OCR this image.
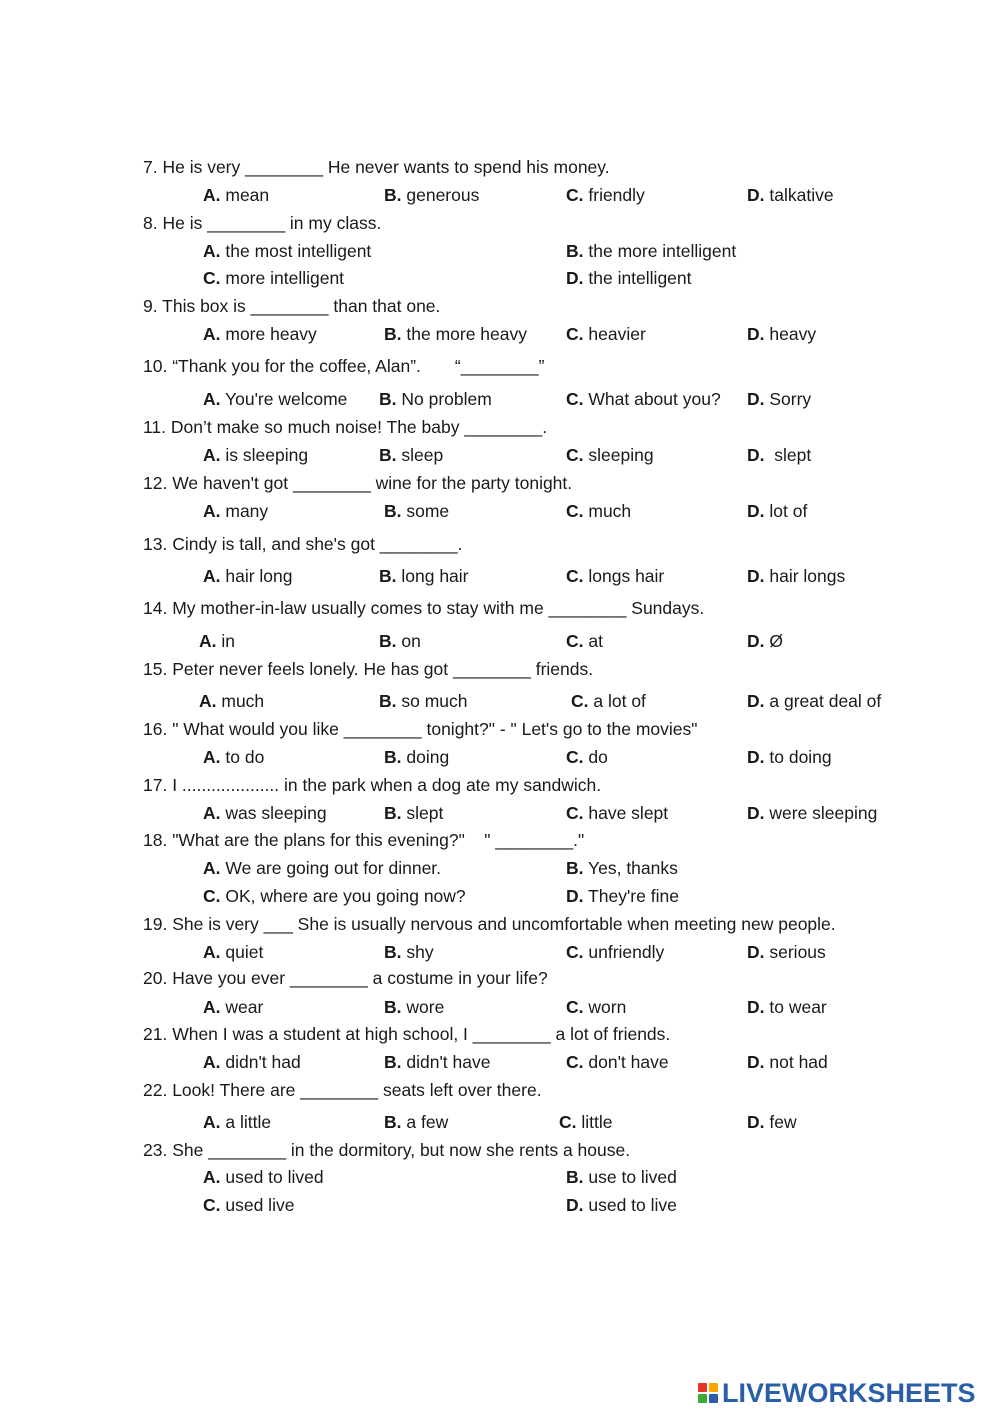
7. He is very ________ He never wants to spend his money.
A. mean	B. generous	C. friendly	D. talkative
8. He is ________ in my class.
A. the most intelligent	B. the more intelligent
C. more intelligent	D. the intelligent
9. This box is ________ than that one.
A. more heavy	B. the more heavy C. heavier	D. heavy
10. “Thank you for the coffee, Alan”.       “________”
A. You're welcome B. No problem	C. What about you? D. Sorry
11. Don’t make so much noise! The baby ________.
A. is sleeping	B. sleep	C. sleeping	D.  slept
12. We haven't got ________ wine for the party tonight.
A. many	B. some	C. much	D. lot of
13. Cindy is tall, and she's got ________.
A. hair long	B. long hair	C. longs hair	D. hair longs
14. My mother-in-law usually comes to stay with me ________ Sundays.
A. in	B. on	C. at	D. Ø
15. Peter never feels lonely. He has got ________ friends.
A. much	B. so much	C. a lot of	D. a great deal of
16. " What would you like ________ tonight?" - " Let's go to the movies"
A. to do	B. doing	C. do	D. to doing
17. I .................... in the park when a dog ate my sandwich.
A. was sleeping	B. slept	C. have slept	D. were sleeping
18. "What are the plans for this evening?"    " ________."
A. We are going out for dinner.	B. Yes, thanks
C. OK, where are you going now?	D. They're fine
19. She is very ___ She is usually nervous and uncomfortable when meeting new people.
A. quiet	B. shy	C. unfriendly	D. serious
20. Have you ever ________ a costume in your life?
A. wear	B. wore	C. worn	D. to wear
21. When I was a student at high school, I ________ a lot of friends.
A. didn't had	B. didn't have	C. don't have	D. not had
22. Look! There are ________ seats left over there.
A. a little	B. a few	C. little	D. few
23. She ________ in the dormitory, but now she rents a house.
A. used to lived	B. use to lived
C. used live	D. used to live
LIVEWORKSHEETS
